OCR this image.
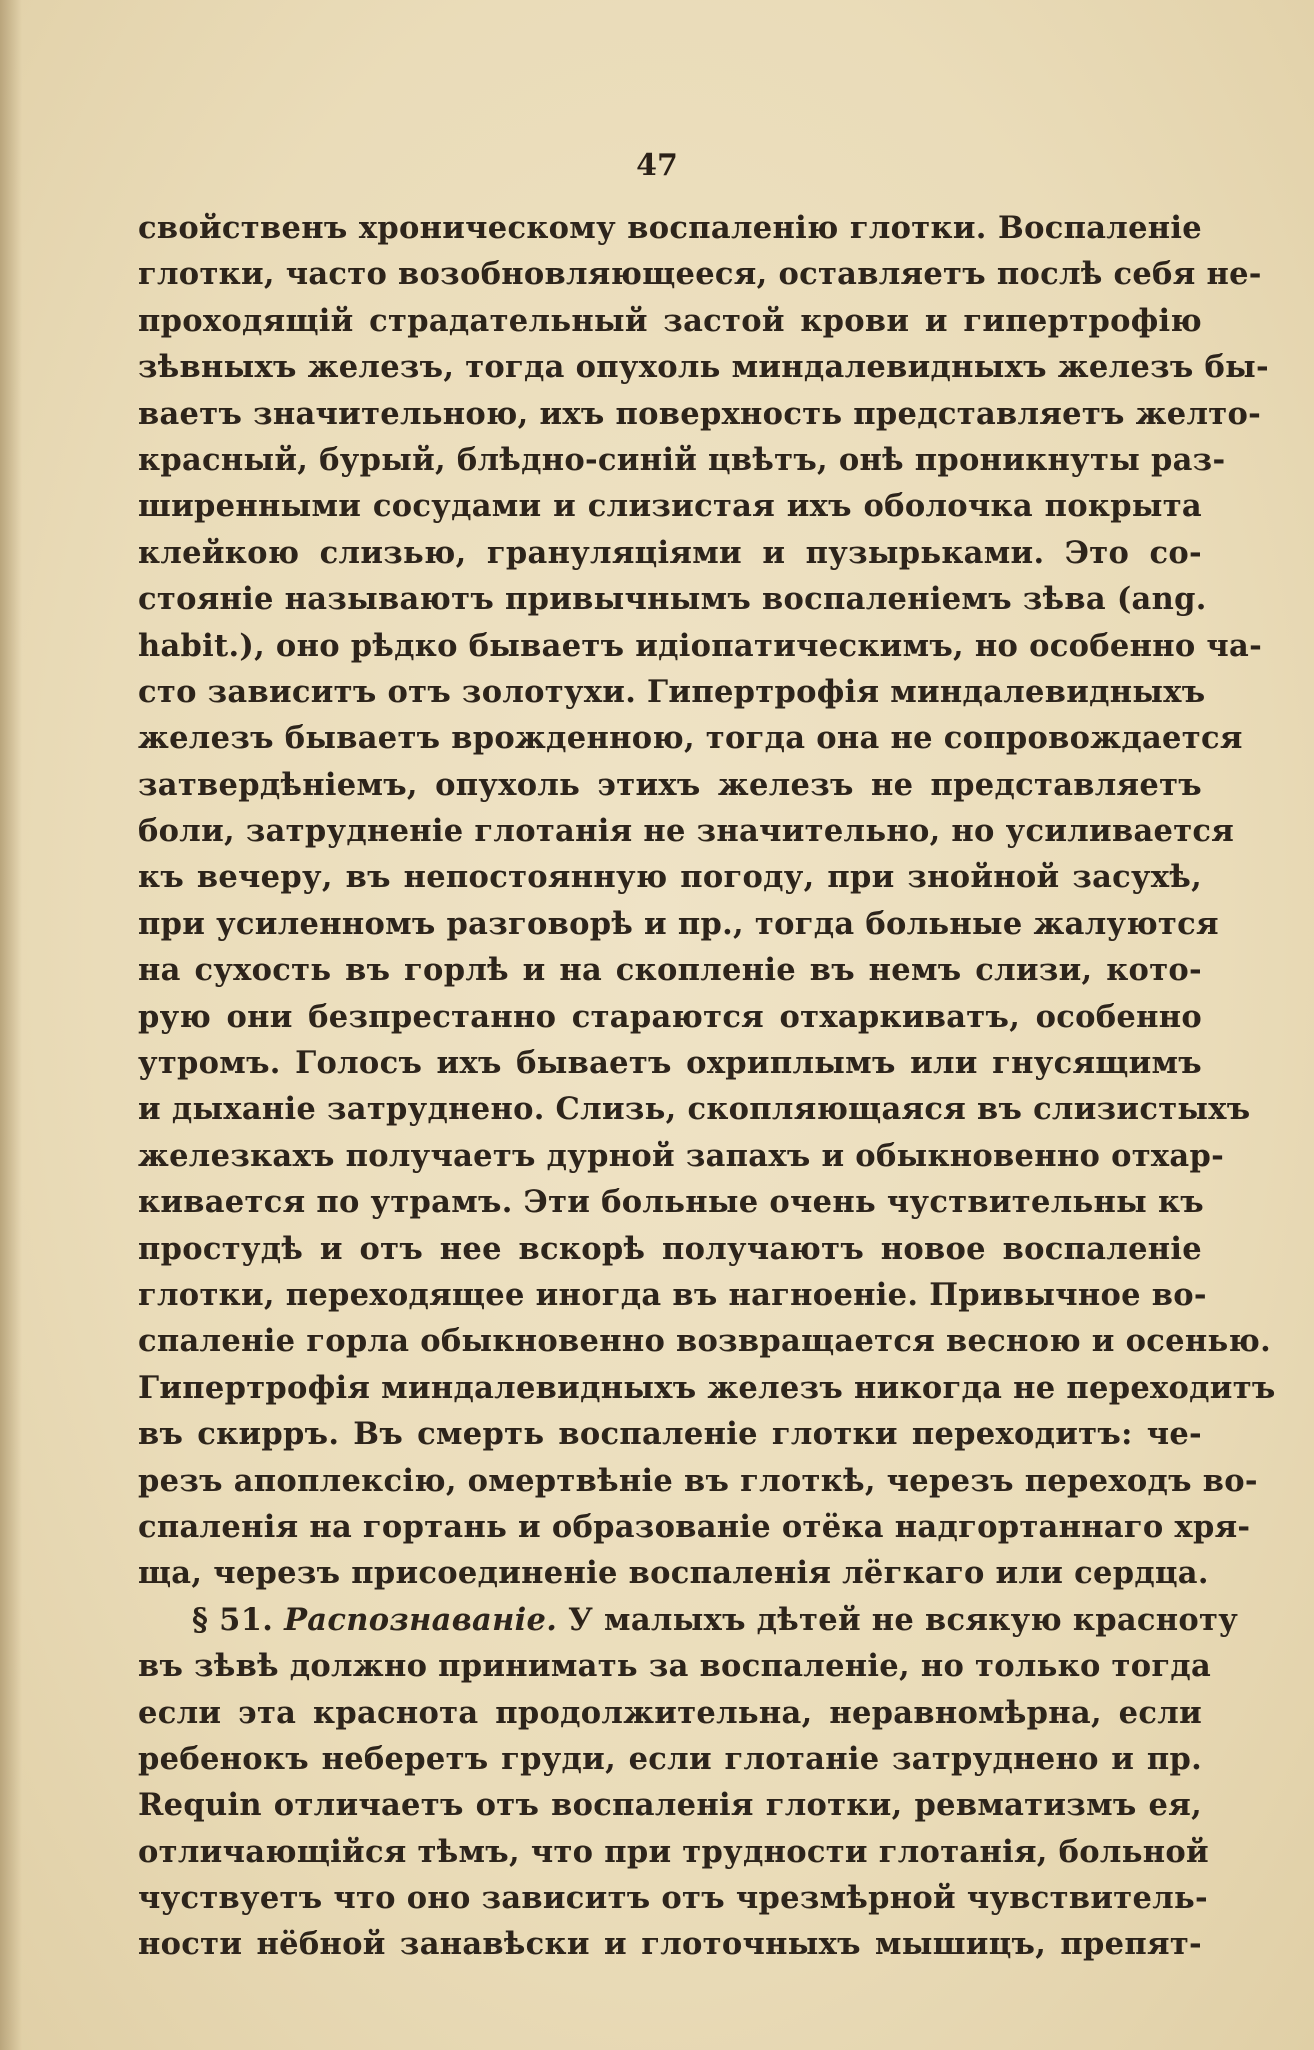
47
свойственъ хроническому воспаленію глотки. Воспаленіе
глотки, часто возобновляющееся, оставляетъ послѣ себя не-
проходящій страдательный застой крови и гипертрофію
зѣвныхъ железъ, тогда опухоль миндалевидныхъ железъ бы-
ваетъ значительною, ихъ поверхность представляетъ желто-
красный, бурый, блѣдно-синій цвѣтъ, онѣ проникнуты раз-
ширенными сосудами и слизистая ихъ оболочка покрыта
клейкою слизью, грануляціями и пузырьками. Это со-
стояніе называютъ привычнымъ воспаленіемъ зѣва (ang.
habit.), оно рѣдко бываетъ идіопатическимъ, но особенно ча-
сто зависитъ отъ золотухи. Гипертрофія миндалевидныхъ
железъ бываетъ врожденною, тогда она не сопровождается
затвердѣніемъ, опухоль этихъ железъ не представляетъ
боли, затрудненіе глотанія не значительно, но усиливается
къ вечеру, въ непостоянную погоду, при знойной засухѣ,
при усиленномъ разговорѣ и пр., тогда больные жалуются
на сухость въ горлѣ и на скопленіе въ немъ слизи, кото-
рую они безпрестанно стараются отхаркиватъ, особенно
утромъ. Голосъ ихъ бываетъ охриплымъ или гнусящимъ
и дыханіе затруднено. Слизь, скопляющаяся въ слизистыхъ
железкахъ получаетъ дурной запахъ и обыкновенно отхар-
кивается по утрамъ. Эти больные очень чуствительны къ
простудѣ и отъ нее вскорѣ получаютъ новое воспаленіе
глотки, переходящее иногда въ нагноеніе. Привычное во-
спаленіе горла обыкновенно возвращается весною и осенью.
Гипертрофія миндалевидныхъ железъ никогда не переходитъ
въ скирръ. Въ смерть воспаленіе глотки переходитъ: че-
резъ апоплексію, омертвѣніе въ глоткѣ, черезъ переходъ во-
спаленія на гортань и образованіе отёка надгортаннаго хря-
ща, черезъ присоединеніе воспаленія лёгкаго или сердца.
§ 51. Распознаваніе. У малыхъ дѣтей не всякую красноту
въ зѣвѣ должно принимать за воспаленіе, но только тогда
если эта краснота продолжительна, неравномѣрна, если
ребенокъ неберетъ груди, если глотаніе затруднено и пр.
Requin отличаетъ отъ воспаленія глотки, ревматизмъ ея,
отличающійся тѣмъ, что при трудности глотанія, больной
чуствуетъ что оно зависитъ отъ чрезмѣрной чувствитель-
ности нёбной занавѣски и глоточныхъ мышицъ, препят-
